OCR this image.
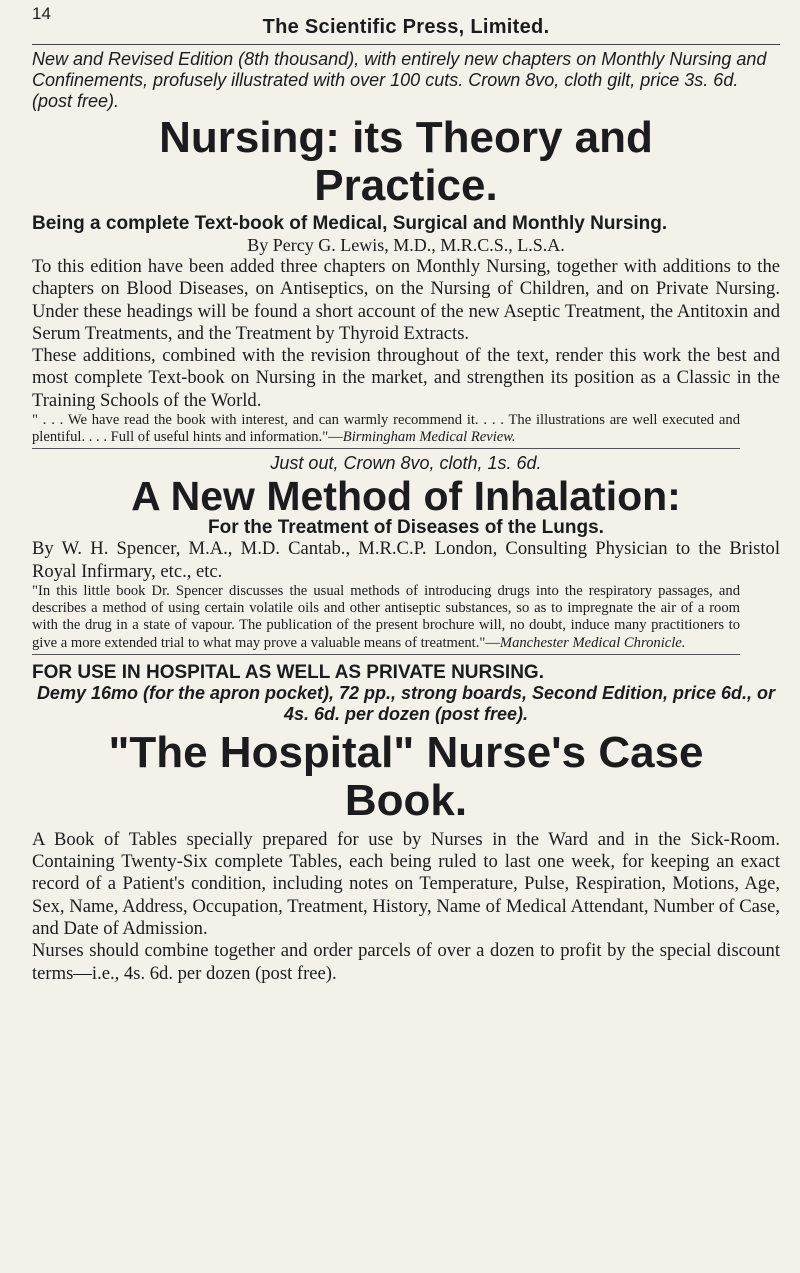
14
The Scientific Press, Limited.
New and Revised Edition (8th thousand), with entirely new chapters on Monthly Nursing and Confinements, profusely illustrated with over 100 cuts. Crown 8vo, cloth gilt, price 3s. 6d. (post free).
Nursing: its Theory and
Practice.
Being a complete Text-book of Medical, Surgical and Monthly Nursing.
By Percy G. Lewis, M.D., M.R.C.S., L.S.A.
To this edition have been added three chapters on Monthly Nursing, together with additions to the chapters on Blood Diseases, on Antiseptics, on the Nursing of Children, and on Private Nursing. Under these headings will be found a short account of the new Aseptic Treatment, the Antitoxin and Serum Treatments, and the Treatment by Thyroid Extracts.
These additions, combined with the revision throughout of the text, render this work the best and most complete Text-book on Nursing in the market, and strengthen its position as a Classic in the Training Schools of the World.
" . . . We have read the book with interest, and can warmly recommend it. . . . The illustrations are well executed and plentiful. . . . Full of useful hints and information."—Birmingham Medical Review.
Just out, Crown 8vo, cloth, 1s. 6d.
A New Method of Inhalation:
For the Treatment of Diseases of the Lungs.
By W. H. Spencer, M.A., M.D. Cantab., M.R.C.P. London, Consulting Physician to the Bristol Royal Infirmary, etc., etc.
"In this little book Dr. Spencer discusses the usual methods of introducing drugs into the respiratory passages, and describes a method of using certain volatile oils and other antiseptic substances, so as to impregnate the air of a room with the drug in a state of vapour. The publication of the present brochure will, no doubt, induce many practitioners to give a more extended trial to what may prove a valuable means of treatment."—Manchester Medical Chronicle.
FOR USE IN HOSPITAL AS WELL AS PRIVATE NURSING.
Demy 16mo (for the apron pocket), 72 pp., strong boards, Second Edition, price 6d., or 4s. 6d. per dozen (post free).
"The Hospital" Nurse's Case
Book.
A Book of Tables specially prepared for use by Nurses in the Ward and in the Sick-Room. Containing Twenty-Six complete Tables, each being ruled to last one week, for keeping an exact record of a Patient's condition, including notes on Temperature, Pulse, Respiration, Motions, Age, Sex, Name, Address, Occupation, Treatment, History, Name of Medical Attendant, Number of Case, and Date of Admission.
Nurses should combine together and order parcels of over a dozen to profit by the special discount terms—i.e., 4s. 6d. per dozen (post free).
